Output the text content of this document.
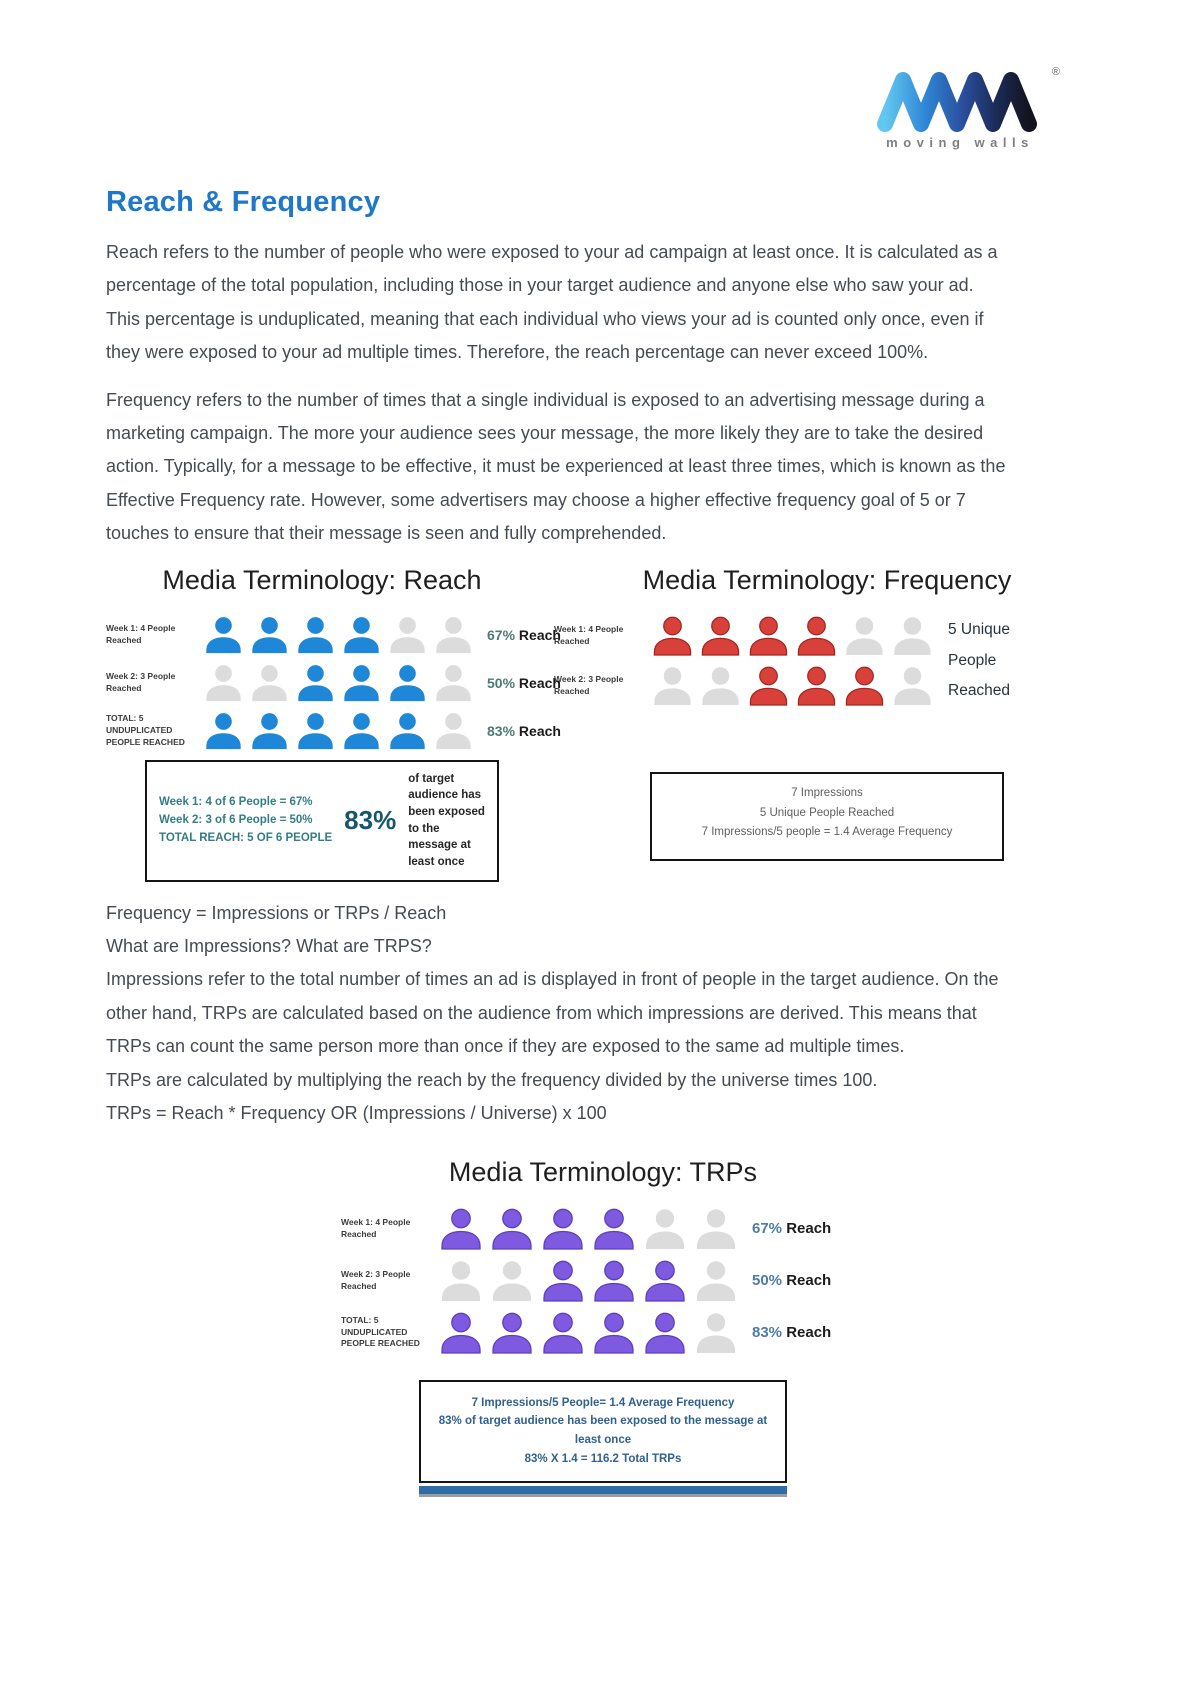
®
moving walls
Reach & Frequency

Reach refers to the number of people who were exposed to your ad campaign at least once. It is calculated as a percentage of the total population, including those in your target audience and anyone else who saw your ad. This percentage is unduplicated, meaning that each individual who views your ad is counted only once, even if they were exposed to your ad multiple times. Therefore, the reach percentage can never exceed 100%.

Frequency refers to the number of times that a single individual is exposed to an advertising message during a marketing campaign. The more your audience sees your message, the more likely they are to take the desired action. Typically, for a message to be effective, it must be experienced at least three times, which is known as the Effective Frequency rate. However, some advertisers may choose a higher effective frequency goal of 5 or 7 touches to ensure that their message is seen and fully comprehended.

Media Terminology: Reach
Week 1: 4 People Reached	67% Reach
Week 2: 3 People Reached	50% Reach
TOTAL: 5 UNDUPLICATED PEOPLE REACHED
83% Reach
Week 1: 4 of 6 People = 67%
Week 2: 3 of 6 People = 50%
TOTAL REACH: 5 OF 6 PEOPLE
83%
of target audience has been exposed to the message at least once
Media Terminology: Frequency
Week 1: 4 People Reached
Week 2: 3 People Reached
5 Unique People Reached
7 Impressions
5 Unique People Reached
7 Impressions/5 people = 1.4 Average Frequency

Frequency = Impressions or TRPs / Reach

What are Impressions? What are TRPS?

Impressions refer to the total number of times an ad is displayed in front of people in the target audience. On the other hand, TRPs are calculated based on the audience from which impressions are derived. This means that TRPs can count the same person more than once if they are exposed to the same ad multiple times.

TRPs are calculated by multiplying the reach by the frequency divided by the universe times 100.

TRPs = Reach * Frequency OR (Impressions / Universe) x 100

Media Terminology: TRPs
Week 1: 4 People Reached	67% Reach
Week 2: 3 People Reached	50% Reach
TOTAL: 5 UNDUPLICATED PEOPLE REACHED
83% Reach
7 Impressions/5 People= 1.4 Average Frequency
83% of target audience has been exposed to the message at least once
83% X 1.4 = 116.2 Total TRPs
